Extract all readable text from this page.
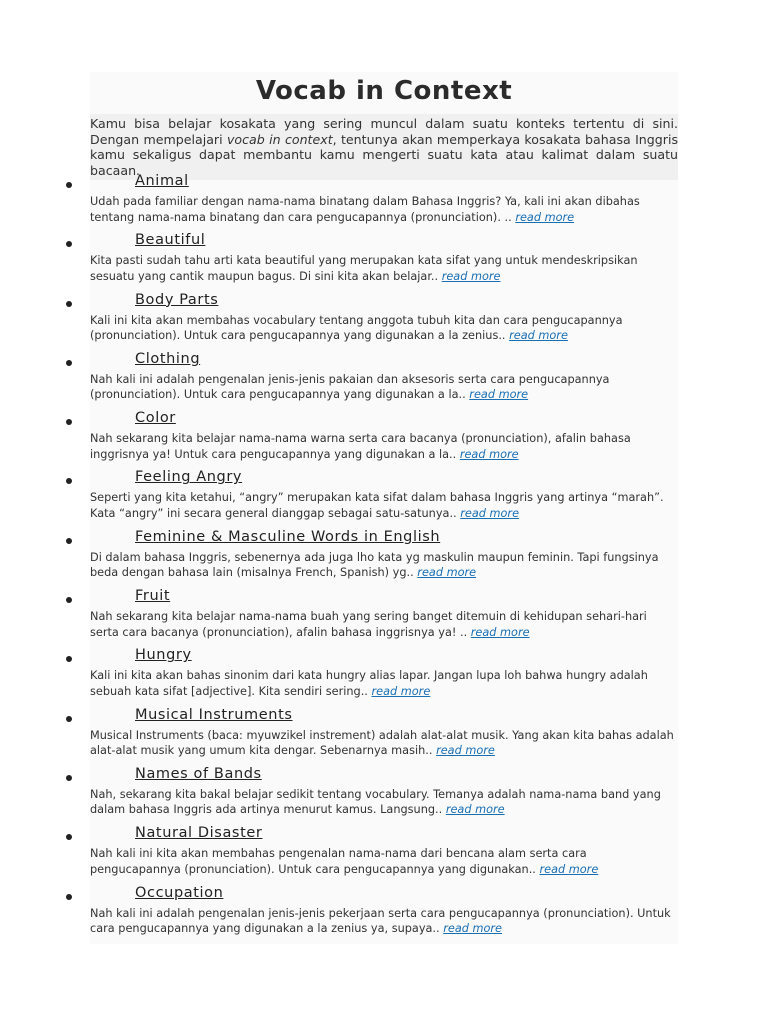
Vocab in Context

Kamu bisa belajar kosakata yang sering muncul dalam suatu konteks tertentu di sini. Dengan mempelajari vocab in context, tentunya akan memperkaya kosakata bahasa Inggris kamu sekaligus dapat membantu kamu mengerti suatu kata atau kalimat dalam suatu bacaan.

Animal

Udah pada familiar dengan nama-nama binatang dalam Bahasa Inggris? Ya, kali ini akan dibahas tentang nama-nama binatang dan cara pengucapannya (pronunciation). .. read more

Beautiful

Kita pasti sudah tahu arti kata beautiful yang merupakan kata sifat yang untuk mendeskripsikan sesuatu yang cantik maupun bagus. Di sini kita akan belajar.. read more

Body Parts

Kali ini kita akan membahas vocabulary tentang anggota tubuh kita dan cara pengucapannya (pronunciation). Untuk cara pengucapannya yang digunakan a la zenius.. read more

Clothing

Nah kali ini adalah pengenalan jenis-jenis pakaian dan aksesoris serta cara pengucapannya (pronunciation). Untuk cara pengucapannya yang digunakan a la.. read more

Color

Nah sekarang kita belajar nama-nama warna serta cara bacanya (pronunciation), afalin bahasa inggrisnya ya! Untuk cara pengucapannya yang digunakan a la.. read more

Feeling Angry

Seperti yang kita ketahui, “angry” merupakan kata sifat dalam bahasa Inggris yang artinya “marah”. Kata “angry” ini secara general dianggap sebagai satu-satunya.. read more

Feminine & Masculine Words in English

Di dalam bahasa Inggris, sebenernya ada juga lho kata yg maskulin maupun feminin. Tapi fungsinya beda dengan bahasa lain (misalnya French, Spanish) yg.. read more

Fruit

Nah sekarang kita belajar nama-nama buah yang sering banget ditemuin di kehidupan sehari-hari serta cara bacanya (pronunciation), afalin bahasa inggrisnya ya! .. read more

Hungry

Kali ini kita akan bahas sinonim dari kata hungry alias lapar. Jangan lupa loh bahwa hungry adalah sebuah kata sifat [adjective]. Kita sendiri sering.. read more

Musical Instruments

Musical Instruments (baca: myuwzikel instrement) adalah alat-alat musik. Yang akan kita bahas adalah alat-alat musik yang umum kita dengar. Sebenarnya masih.. read more

Names of Bands

Nah, sekarang kita bakal belajar sedikit tentang vocabulary. Temanya adalah nama-nama band yang dalam bahasa Inggris ada artinya menurut kamus. Langsung.. read more

Natural Disaster

Nah kali ini kita akan membahas pengenalan nama-nama dari bencana alam serta cara pengucapannya (pronunciation). Untuk cara pengucapannya yang digunakan.. read more

Occupation

Nah kali ini adalah pengenalan jenis-jenis pekerjaan serta cara pengucapannya (pronunciation). Untuk cara pengucapannya yang digunakan a la zenius ya, supaya.. read more
